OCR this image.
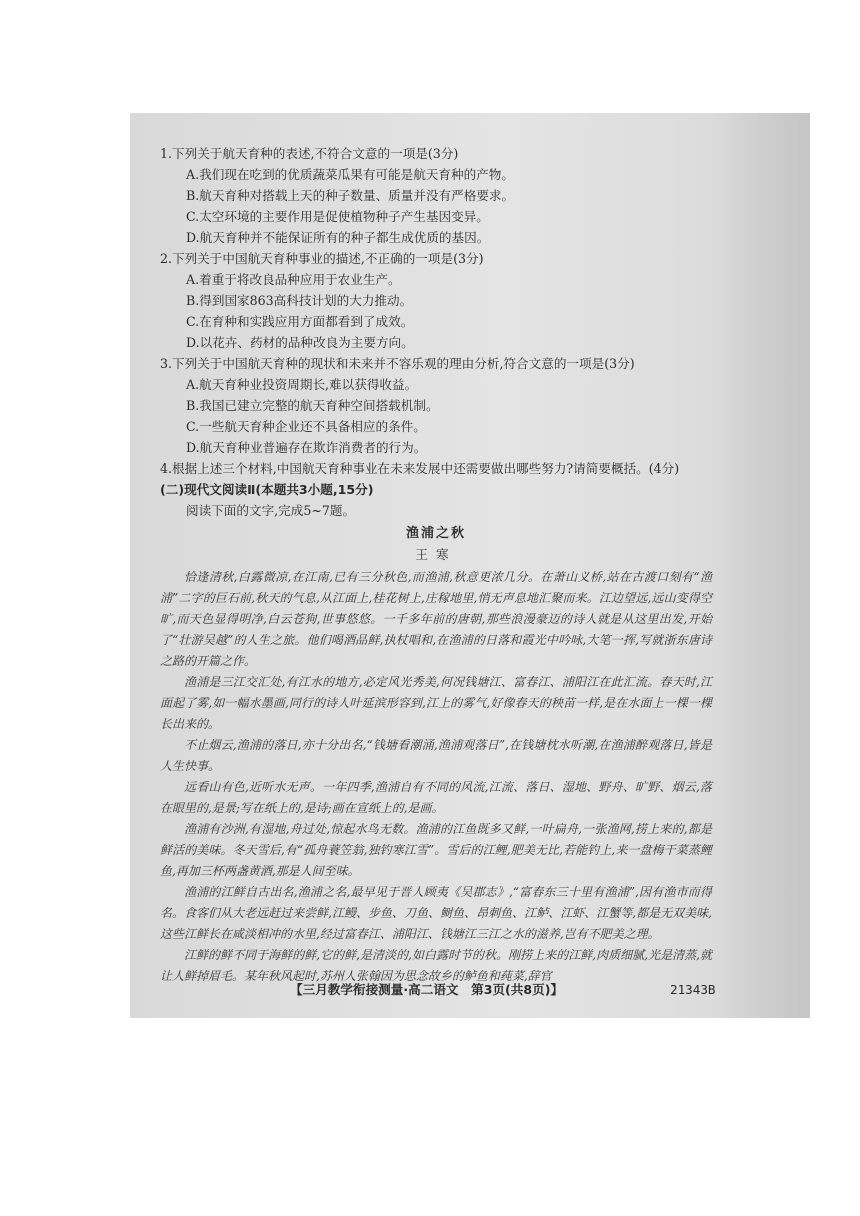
1.下列关于航天育种的表述,不符合文意的一项是(3分)

A.我们现在吃到的优质蔬菜瓜果有可能是航天育种的产物。

B.航天育种对搭载上天的种子数量、质量并没有严格要求。

C.太空环境的主要作用是促使植物种子产生基因变异。

D.航天育种并不能保证所有的种子都生成优质的基因。

2.下列关于中国航天育种事业的描述,不正确的一项是(3分)

A.着重于将改良品种应用于农业生产。

B.得到国家863高科技计划的大力推动。

C.在育种和实践应用方面都看到了成效。

D.以花卉、药材的品种改良为主要方向。

3.下列关于中国航天育种的现状和未来并不容乐观的理由分析,符合文意的一项是(3分)

A.航天育种业投资周期长,难以获得收益。

B.我国已建立完整的航天育种空间搭载机制。

C.一些航天育种企业还不具备相应的条件。

D.航天育种业普遍存在欺诈消费者的行为。

4.根据上述三个材料,中国航天育种事业在未来发展中还需要做出哪些努力?请简要概括。(4分)

(二)现代文阅读Ⅱ(本题共3小题,15分)

阅读下面的文字,完成5~7题。

渔浦之秋

王寒

恰逢清秋,白露微凉,在江南,已有三分秋色,而渔浦,秋意更浓几分。在萧山义桥,站在古渡口刻有“渔浦”二字的巨石前,秋天的气息,从江面上,桂花树上,庄稼地里,悄无声息地汇聚而来。江边望远,远山变得空旷,而天色显得明净,白云苍狗,世事悠悠。一千多年前的唐朝,那些浪漫豪迈的诗人就是从这里出发,开始了“壮游吴越”的人生之旅。他们喝酒品鲜,执杖唱和,在渔浦的日落和霞光中吟咏,大笔一挥,写就浙东唐诗之路的开篇之作。

渔浦是三江交汇处,有江水的地方,必定风光秀美,何况钱塘江、富春江、浦阳江在此汇流。春天时,江面起了雾,如一幅水墨画,同行的诗人叶延滨形容到,江上的雾气,好像春天的秧苗一样,是在水面上一棵一棵长出来的。

不止烟云,渔浦的落日,亦十分出名,“钱塘看潮涌,渔浦观落日”,在钱塘枕水听潮,在渔浦醉观落日,皆是人生快事。

远看山有色,近听水无声。一年四季,渔浦自有不同的风流,江流、落日、湿地、野舟、旷野、烟云,落在眼里的,是景;写在纸上的,是诗;画在宣纸上的,是画。

渔浦有沙洲,有湿地,舟过处,惊起水鸟无数。渔浦的江鱼既多又鲜,一叶扁舟,一张渔网,捞上来的,都是鲜活的美味。冬天雪后,有“孤舟蓑笠翁,独钓寒江雪”。雪后的江鲤,肥美无比,若能钓上,来一盘梅干菜蒸鲤鱼,再加三杯两盏黄酒,那是人间至味。

渔浦的江鲜自古出名,渔浦之名,最早见于晋人顾夷《吴郡志》,“富春东三十里有渔浦”,因有渔市而得名。食客们从大老远赶过来尝鲜,江鳗、步鱼、刀鱼、鲥鱼、昂刺鱼、江鲈、江虾、江蟹等,都是无双美味,这些江鲜长在咸淡相冲的水里,经过富春江、浦阳江、钱塘江三江之水的滋养,岂有不肥美之理。

江鲜的鲜不同于海鲜的鲜,它的鲜,是清淡的,如白露时节的秋。刚捞上来的江鲜,肉质细腻,光是清蒸,就让人鲜掉眉毛。某年秋风起时,苏州人张翰因为思念故乡的鲈鱼和莼菜,辞官

【三月教学衔接测量·高二语文　第3页(共8页)】	21343B
